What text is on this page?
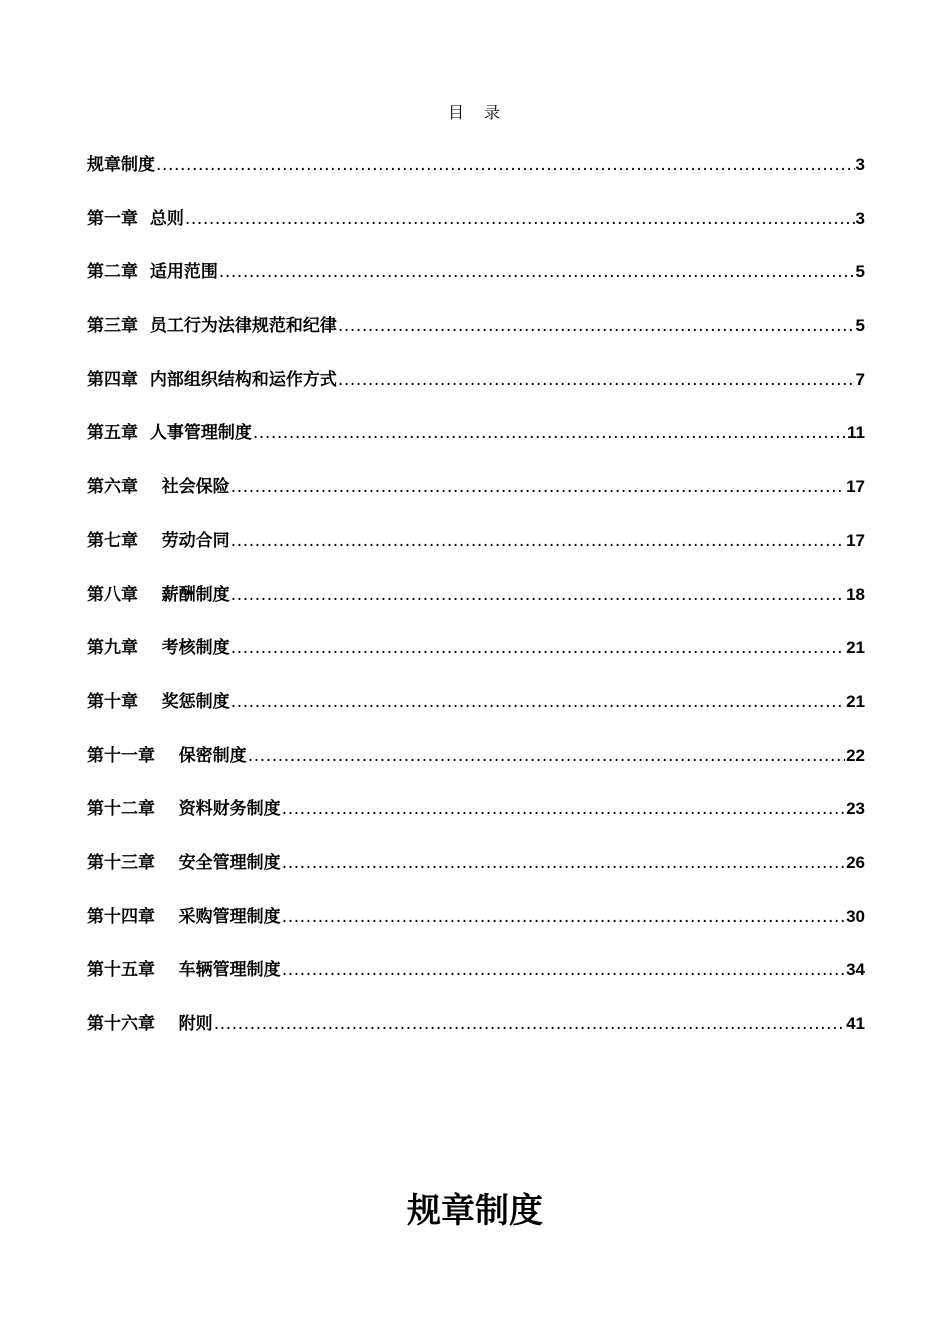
目　录
规章制度 .....	3
第一章  总则 .....	3
第二章  适用范围 .....	5
第三章  员工行为法律规范和纪律 .....	5
第四章  内部组织结构和运作方式 .....	7
第五章  人事管理制度 .....	11
第六章    社会保险 .....	17
第七章    劳动合同 .....	17
第八章    薪酬制度 .....	18
第九章    考核制度 .....	21
第十章    奖惩制度 .....	21
第十一章    保密制度 .....	22
第十二章    资料财务制度 .....	23
第十三章    安全管理制度 .....	26
第十四章    采购管理制度 .....	30
第十五章    车辆管理制度 .....	34
第十六章    附则 .....	41
规章制度
